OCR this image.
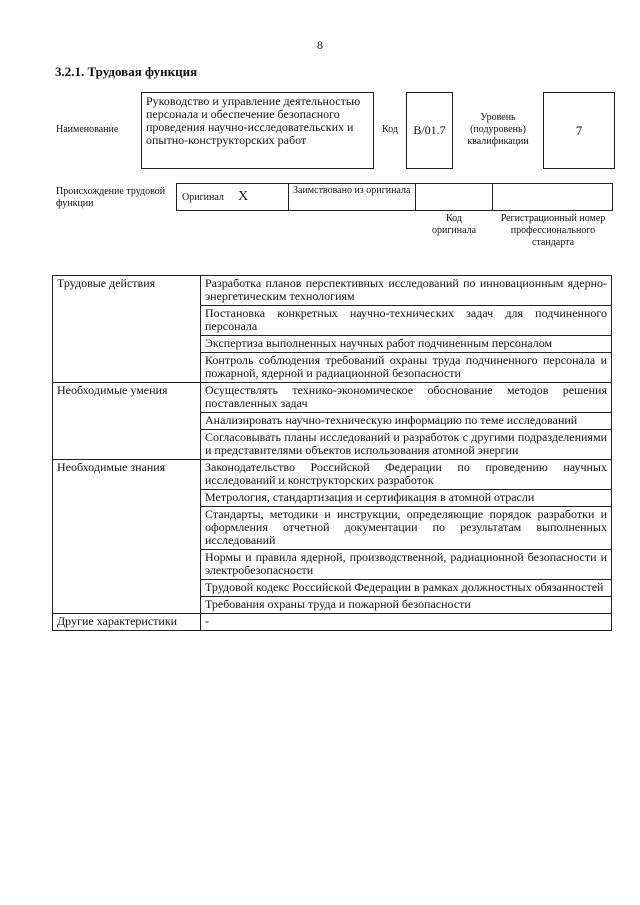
8
3.2.1. Трудовая функция
Наименование
Руководство и управление деятельностью персонала и обеспечение безопасного проведения научно-исследовательских и опытно-конструкторских работ
Код	B/01.7
Уровень (подуровень) квалификации
7
Происхождение трудовой функции
Оригинал X	Заимствовано из оригинала
Код оригинала
Регистрационный номер профессионального стандарта
Трудовые действия	Разработка планов перспективных исследований по инновационным ядерно-энергетическим технологиям
	Постановка конкретных научно-технических задач для подчиненного персонала
	Экспертиза выполненных научных работ подчиненным персоналом
	Контроль соблюдения требований охраны труда подчиненного персонала и пожарной, ядерной и радиационной безопасности
Необходимые умения	Осуществлять технико-экономическое обоснование методов решения поставленных задач
	Анализировать научно-техническую информацию по теме исследований
	Согласовывать планы исследований и разработок с другими подразделениями и представителями объектов использования атомной энергии
Необходимые знания	Законодательство Российской Федерации по проведению научных исследований и конструкторских разработок
	Метрология, стандартизация и сертификация в атомной отрасли
	Стандарты, методики и инструкции, определяющие порядок разработки и оформления отчетной документации по результатам выполненных исследований
	Нормы и правила ядерной, производственной, радиационной безопасности и электробезопасности
	Трудовой кодекс Российской Федерации в рамках должностных обязанностей
	Требования охраны труда и пожарной безопасности
Другие характеристики	-
